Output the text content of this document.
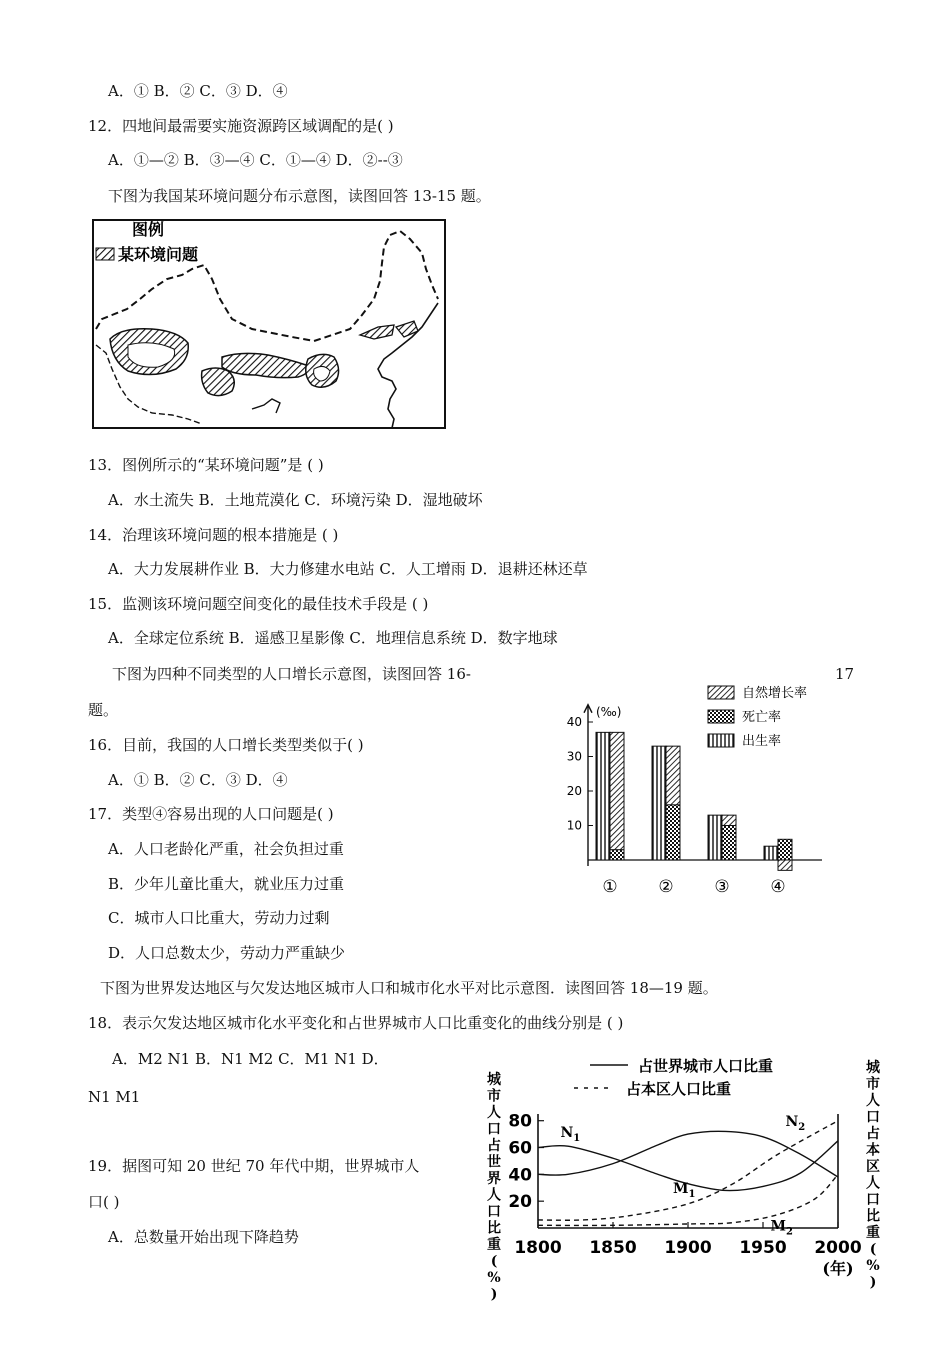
A．① B．② C．③ D．④
12．四地间最需要实施资源跨区域调配的是( )
A．①—② B．③—④ C．①—④ D．②--③
下图为我国某环境问题分布示意图，读图回答 13-15 题。
图例
某环境问题
13．图例所示的“某环境问题”是 ( )
A．水土流失 B．土地荒漠化 C．环境污染 D．湿地破坏
14．治理该环境问题的根本措施是 ( )
A．大力发展耕作业 B．大力修建水电站 C．人工增雨 D．退耕还林还草
15．监测该环境问题空间变化的最佳技术手段是 ( )
A．全球定位系统 B．遥感卫星影像 C．地理信息系统 D．数字地球
下图为四种不同类型的人口增长示意图，读图回答 16-	17
题。	(‰)
10
20
30
40
① ② ③ ④
自然增长率
死亡率
出生率
16．目前，我国的人口增长类型类似于( )
A．① B．② C．③ D．④
17．类型④容易出现的人口问题是( )
A．人口老龄化严重，社会负担过重
B．少年儿童比重大，就业压力过重
C．城市人口比重大，劳动力过剩
D．人口总数太少，劳动力严重缺少
下图为世界发达地区与欠发达地区城市人口和城市化水平对比示意图．读图回答 18—19 题。
18．表示欠发达地区城市化水平变化和占世界城市人口比重变化的曲线分别是 ( )
A．M2 N1 B．N1 M2 C．M1 N1 D．
N1 M1
19．据图可知 20 世纪 70 年代中期，世界城市人
口( )
A．总数量开始出现下降趋势
20
40
60
80
1800 1850 1900 1950 2000
(年)
城市人口占世界人口比重( % )
城市人口占本区人口比重( % )
$N_1$
$N_2$
$M_1$
$M_2$
占世界城市人口比重
占本区人口比重
